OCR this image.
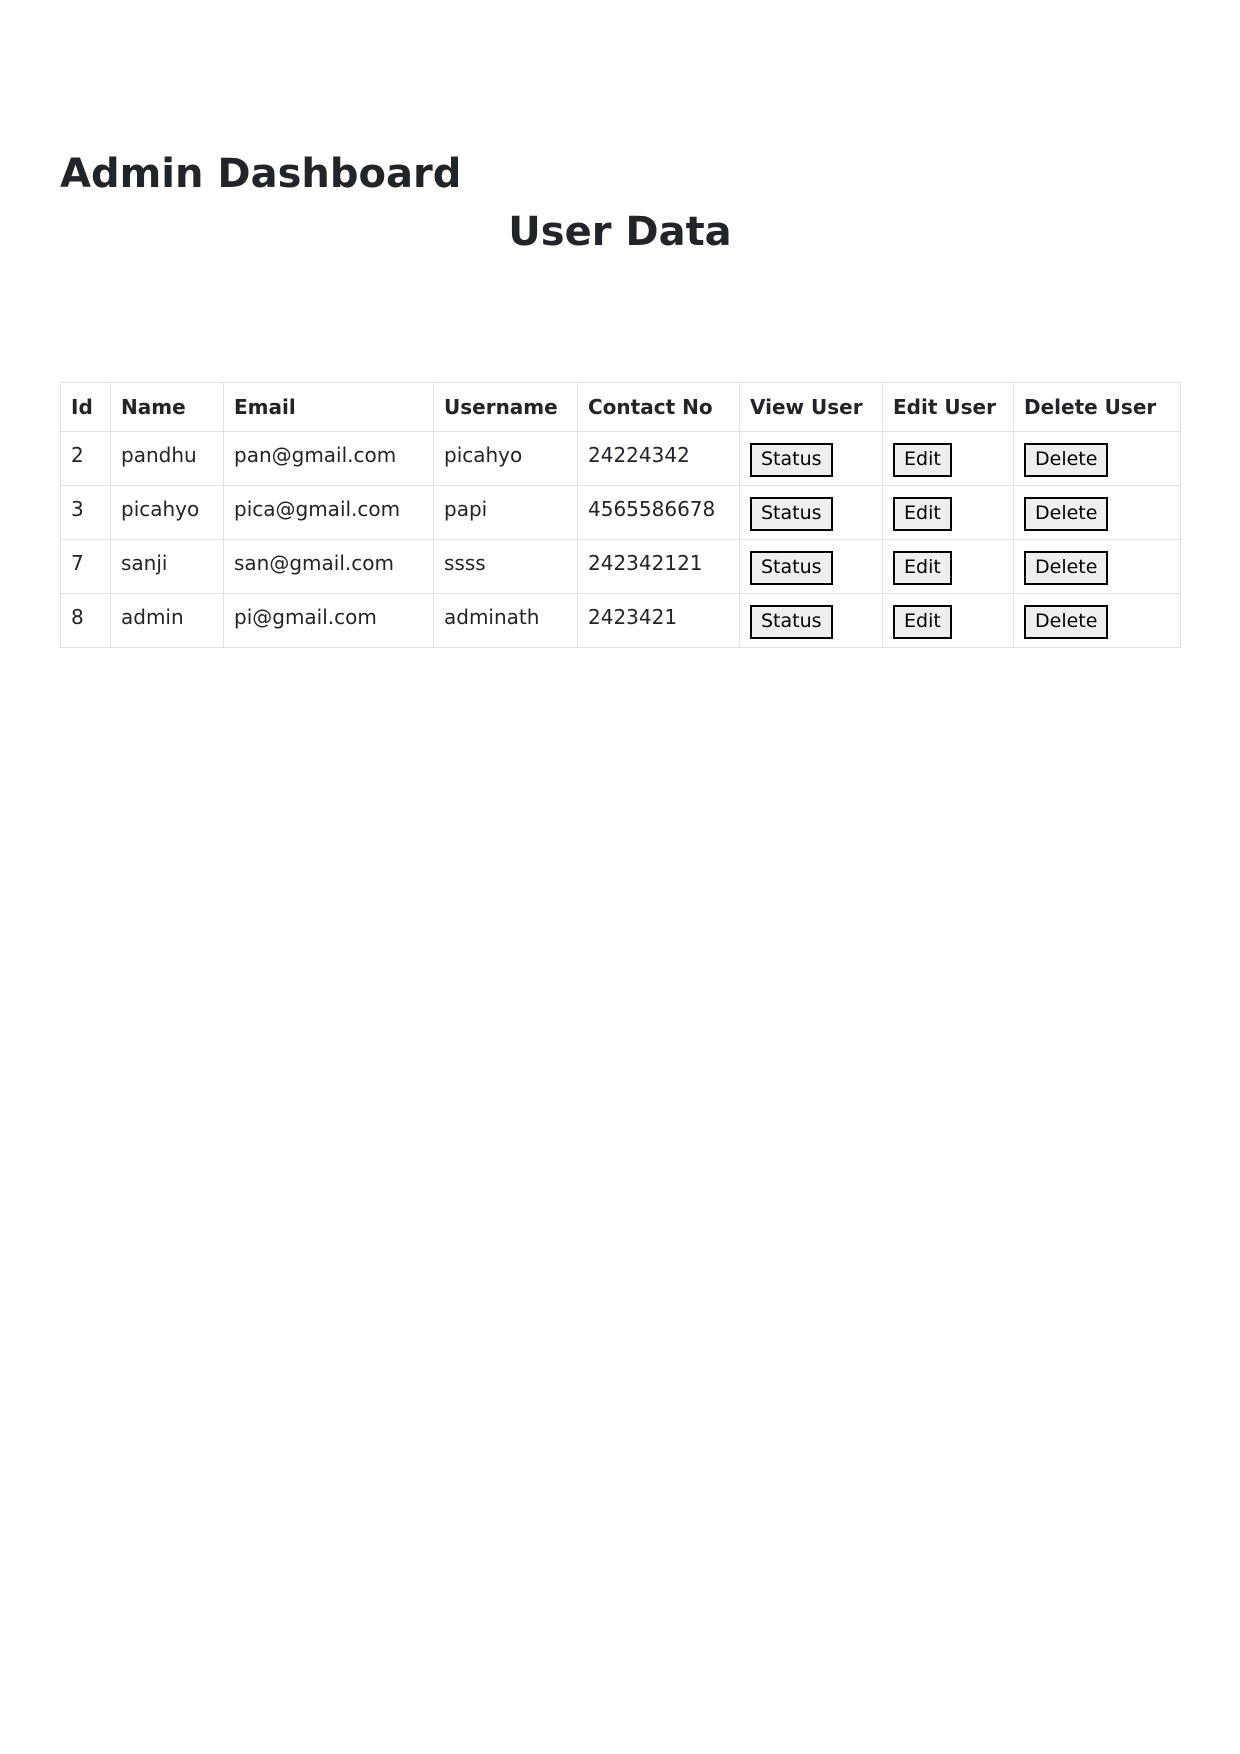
Admin Dashboard
User Data
Id	Name	Email	Username	Contact No	View User	Edit User	Delete User
2	pandhu	pan@gmail.com	picahyo	24224342	Status	Edit	Delete
3	picahyo	pica@gmail.com	papi	4565586678	Status	Edit	Delete
7	sanji	san@gmail.com	ssss	242342121	Status	Edit	Delete
8	admin	pi@gmail.com	adminath	2423421	Status	Edit	Delete
